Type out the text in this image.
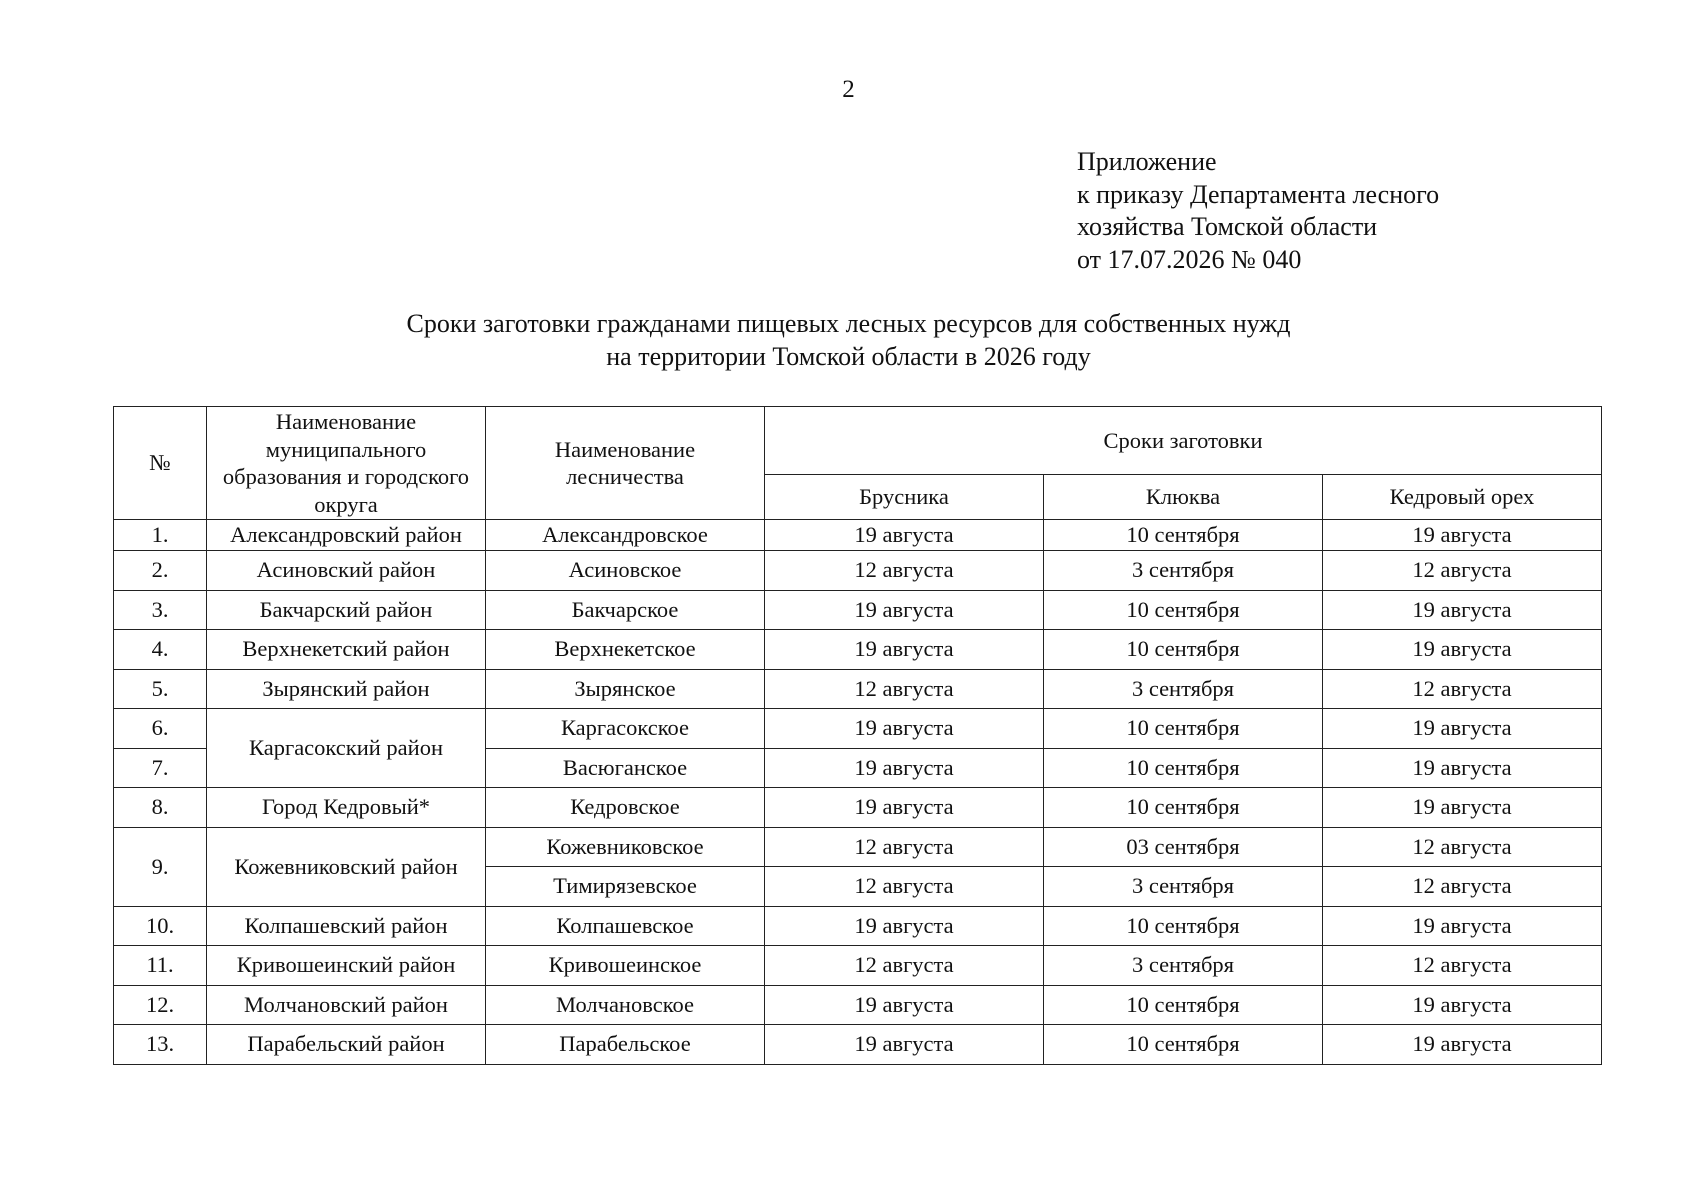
2
Приложение
к приказу Департамента лесного
хозяйства Томской области
от 17.07.2026 № 040
Сроки заготовки гражданами пищевых лесных ресурсов для собственных нужд
на территории Томской области в 2026 году
№	Наименование муниципального образования и городского округа	Наименование лесничества	Сроки заготовки		
			Брусника	Клюква	Кедровый орех
1.	Александровский район	Александровское	19 августа	10 сентября	19 августа
2.	Асиновский район	Асиновское	12 августа	3 сентября	12 августа
3.	Бакчарский район	Бакчарское	19 августа	10 сентября	19 августа
4.	Верхнекетский район	Верхнекетское	19 августа	10 сентября	19 августа
5.	Зырянский район	Зырянское	12 августа	3 сентября	12 августа
6.	Каргасокский район	Каргасокское	19 августа	10 сентября	19 августа
7.		Васюганское	19 августа	10 сентября	19 августа
8.	Город Кедровый*	Кедровское	19 августа	10 сентября	19 августа
9.	Кожевниковский район	Кожевниковское	12 августа	03 сентября	12 августа
		Тимирязевское	12 августа	3 сентября	12 августа
10.	Колпашевский район	Колпашевское	19 августа	10 сентября	19 августа
11.	Кривошеинский район	Кривошеинское	12 августа	3 сентября	12 августа
12.	Молчановский район	Молчановское	19 августа	10 сентября	19 августа
13.	Парабельский район	Парабельское	19 августа	10 сентября	19 августа
